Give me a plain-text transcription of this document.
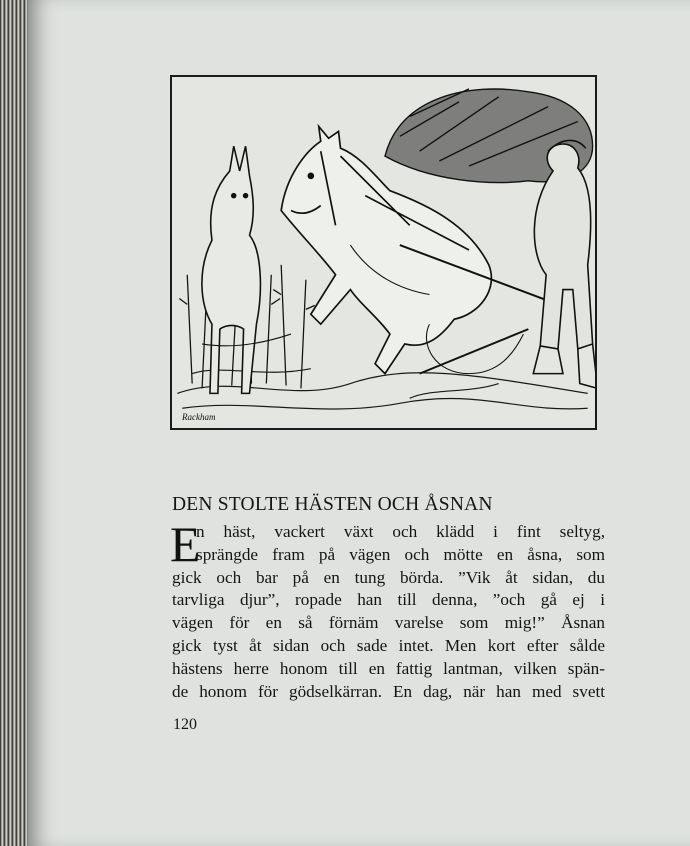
Rackham
DEN STOLTE HÄSTEN OCH ÅSNAN
E
n häst, vackert växt och klädd i fint seltyg,
sprängde fram på vägen och mötte en åsna, som
gick och bar på en tung börda. ”Vik åt sidan, du
tarvliga djur”, ropade han till denna, ”och gå ej i
vägen för en så förnäm varelse som mig!” Åsnan
gick tyst åt sidan och sade intet. Men kort efter sålde
hästens herre honom till en fattig lantman, vilken spän-
de honom för gödselkärran. En dag, när han med svett
120
